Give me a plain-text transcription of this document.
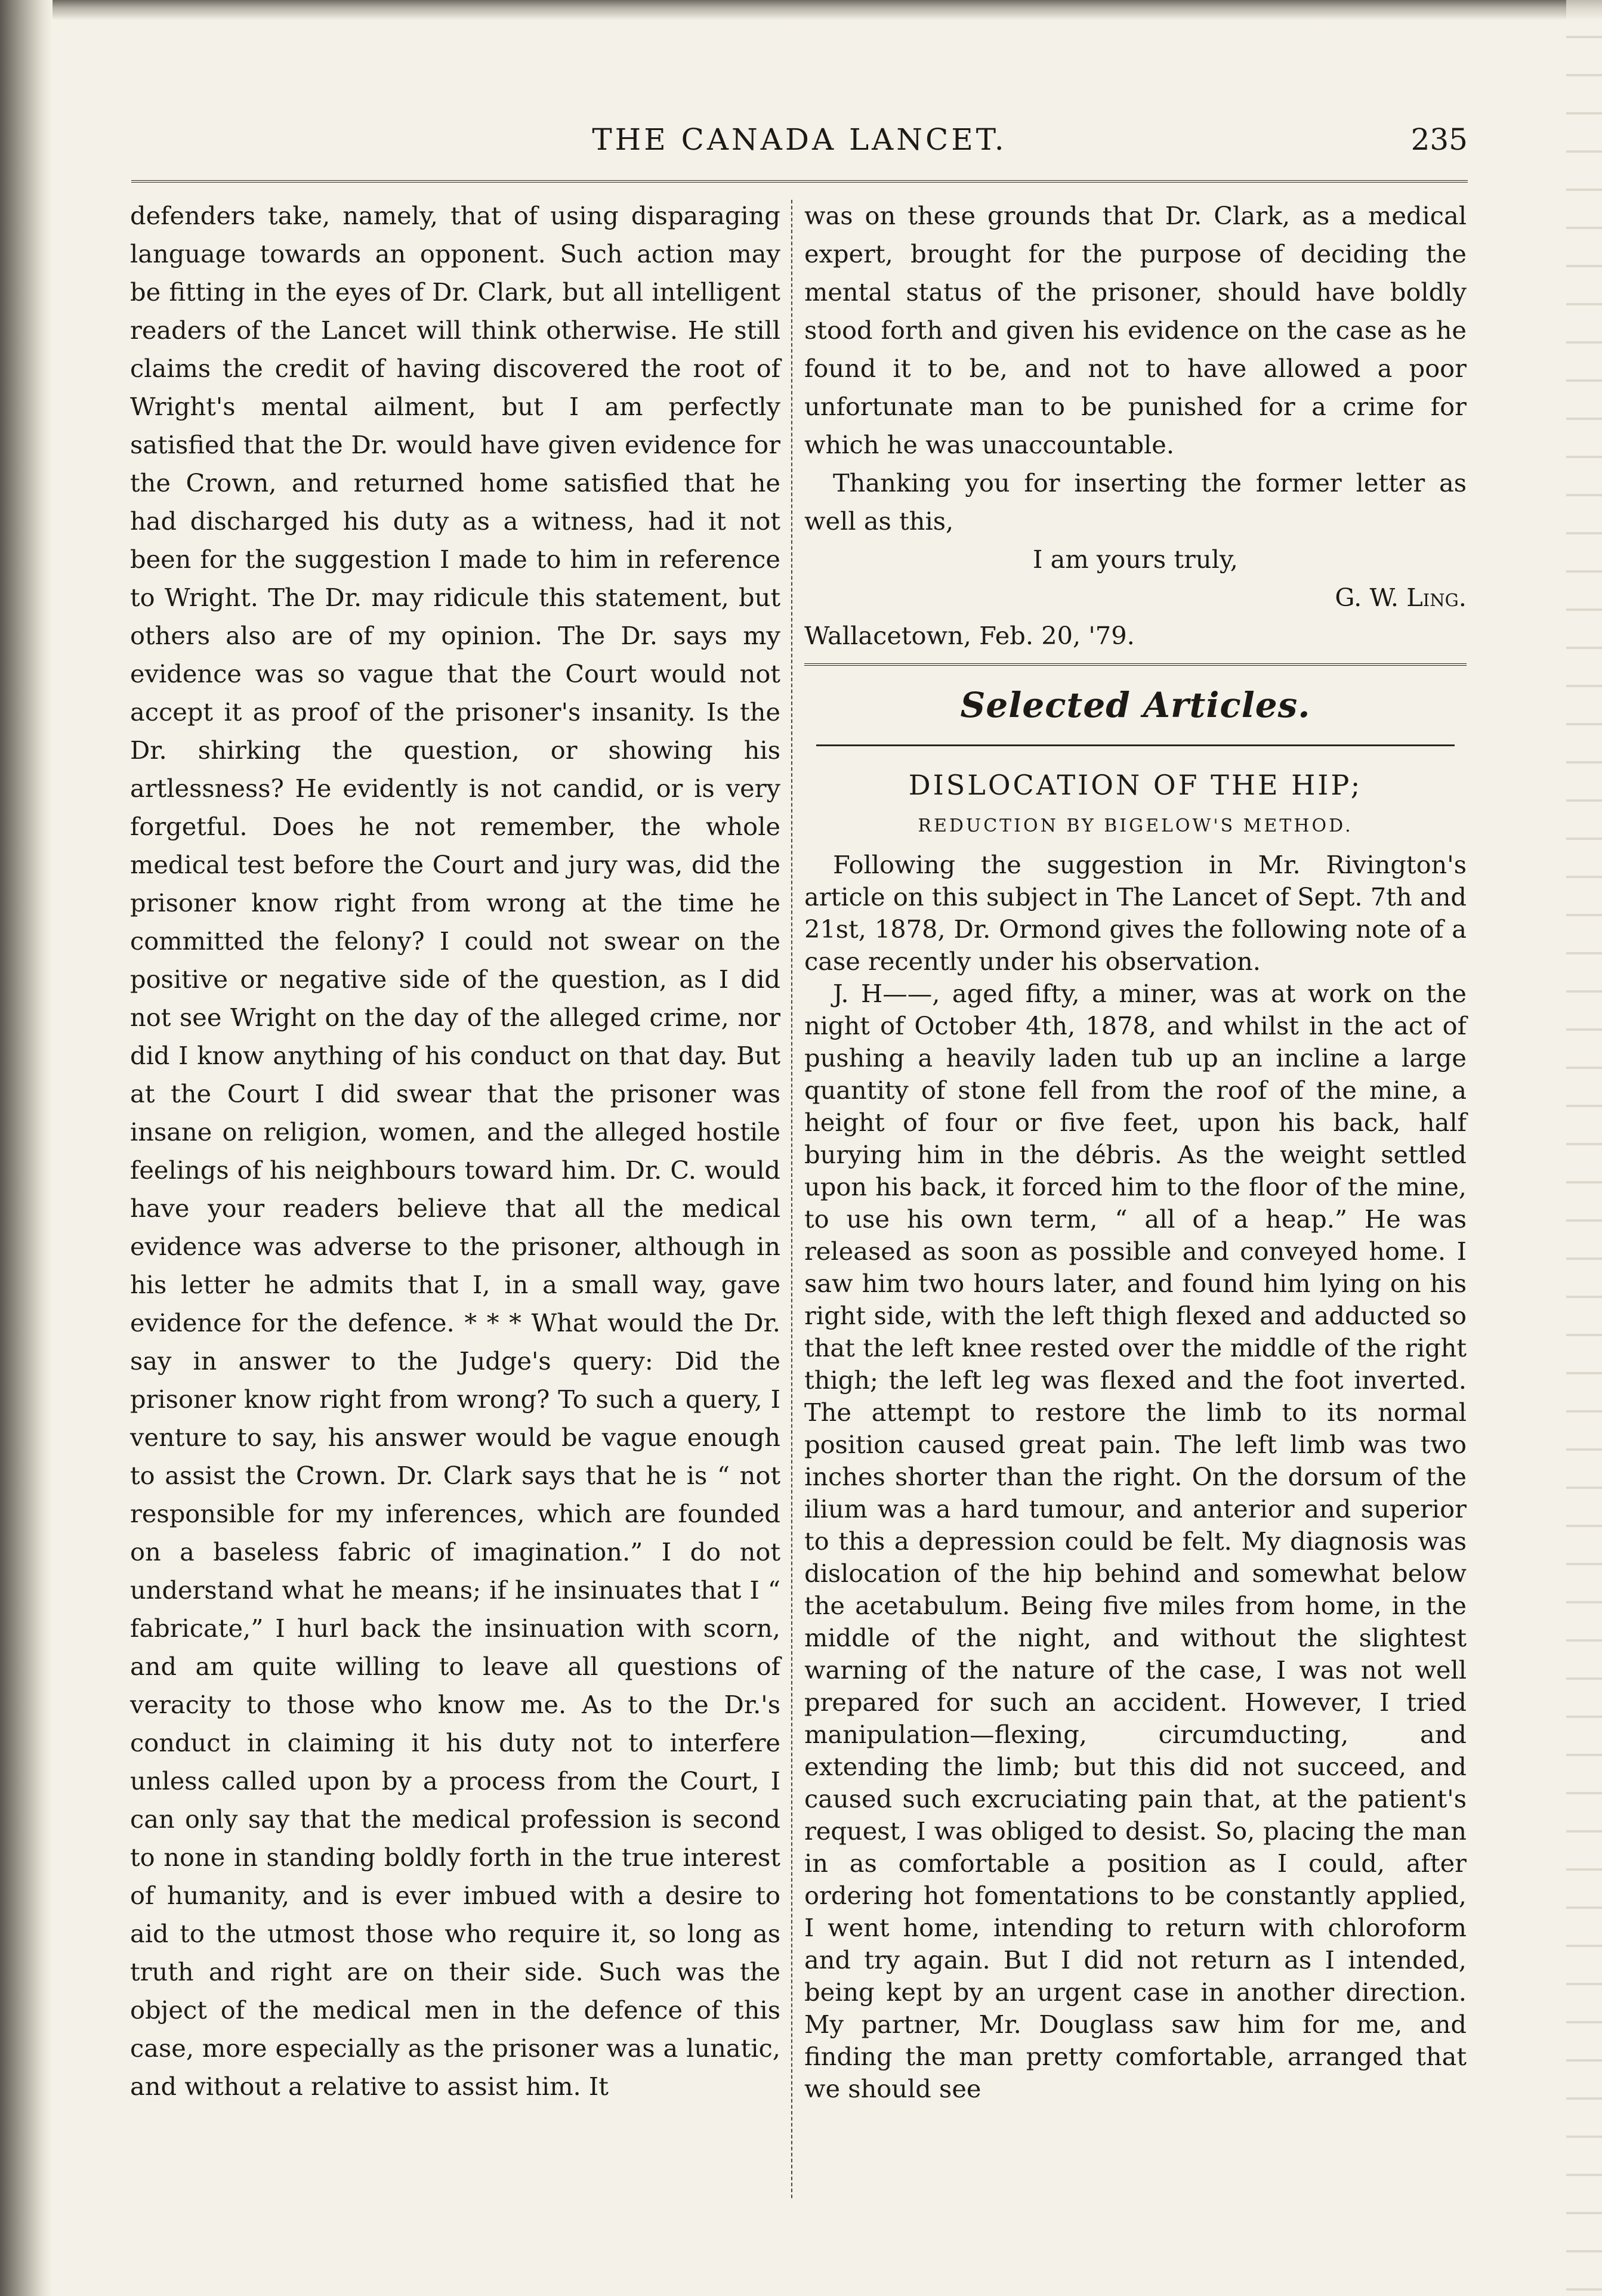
THE CANADA LANCET.	235

defenders take, namely, that of using disparaging language towards an opponent. Such action may be fitting in the eyes of Dr. Clark, but all intelligent readers of the Lancet will think otherwise. He still claims the credit of having discovered the root of Wright's mental ailment, but I am perfectly satisfied that the Dr. would have given evidence for the Crown, and returned home satisfied that he had discharged his duty as a witness, had it not been for the suggestion I made to him in reference to Wright. The Dr. may ridicule this statement, but others also are of my opinion. The Dr. says my evidence was so vague that the Court would not accept it as proof of the prisoner's insanity. Is the Dr. shirking the question, or showing his artlessness? He evidently is not candid, or is very forgetful. Does he not remember, the whole medical test before the Court and jury was, did the prisoner know right from wrong at the time he committed the felony? I could not swear on the positive or negative side of the question, as I did not see Wright on the day of the alleged crime, nor did I know anything of his conduct on that day. But at the Court I did swear that the prisoner was insane on religion, women, and the alleged hostile feelings of his neighbours toward him. Dr. C. would have your readers believe that all the medical evidence was adverse to the prisoner, although in his letter he admits that I, in a small way, gave evidence for the defence. * * * What would the Dr. say in answer to the Judge's query: Did the prisoner know right from wrong? To such a query, I venture to say, his answer would be vague enough to assist the Crown. Dr. Clark says that he is “ not responsible for my inferences, which are founded on a baseless fabric of imagination.” I do not understand what he means; if he insinuates that I “ fabricate,” I hurl back the insinuation with scorn, and am quite willing to leave all questions of veracity to those who know me. As to the Dr.'s conduct in claiming it his duty not to interfere unless called upon by a process from the Court, I can only say that the medical profession is second to none in standing boldly forth in the true interest of humanity, and is ever imbued with a desire to aid to the utmost those who require it, so long as truth and right are on their side. Such was the object of the medical men in the defence of this case, more especially as the prisoner was a lunatic, and without a relative to assist him. It

was on these grounds that Dr. Clark, as a medical expert, brought for the purpose of deciding the mental status of the prisoner, should have boldly stood forth and given his evidence on the case as he found it to be, and not to have allowed a poor unfortunate man to be punished for a crime for which he was unaccountable.

Thanking you for inserting the former letter as well as this,

I am yours truly,

G. W. Ling.

Wallacetown, Feb. 20, '79.

Selected Articles.
DISLOCATION OF THE HIP;
REDUCTION BY BIGELOW'S METHOD.

Following the suggestion in Mr. Rivington's article on this subject in The Lancet of Sept. 7th and 21st, 1878, Dr. Ormond gives the following note of a case recently under his observation.

J. H——, aged fifty, a miner, was at work on the night of October 4th, 1878, and whilst in the act of pushing a heavily laden tub up an incline a large quantity of stone fell from the roof of the mine, a height of four or five feet, upon his back, half burying him in the débris. As the weight settled upon his back, it forced him to the floor of the mine, to use his own term, “ all of a heap.” He was released as soon as possible and conveyed home. I saw him two hours later, and found him lying on his right side, with the left thigh flexed and adducted so that the left knee rested over the middle of the right thigh; the left leg was flexed and the foot inverted. The attempt to restore the limb to its normal position caused great pain. The left limb was two inches shorter than the right. On the dorsum of the ilium was a hard tumour, and anterior and superior to this a depression could be felt. My diagnosis was dislocation of the hip behind and somewhat below the acetabulum. Being five miles from home, in the middle of the night, and without the slightest warning of the nature of the case, I was not well prepared for such an accident. However, I tried manipulation—flexing, circumducting, and extending the limb; but this did not succeed, and caused such excruciating pain that, at the patient's request, I was obliged to desist. So, placing the man in as comfortable a position as I could, after ordering hot fomentations to be constantly applied, I went home, intending to return with chloroform and try again. But I did not return as I intended, being kept by an urgent case in another direction. My partner, Mr. Douglass saw him for me, and finding the man pretty comfortable, arranged that we should see
